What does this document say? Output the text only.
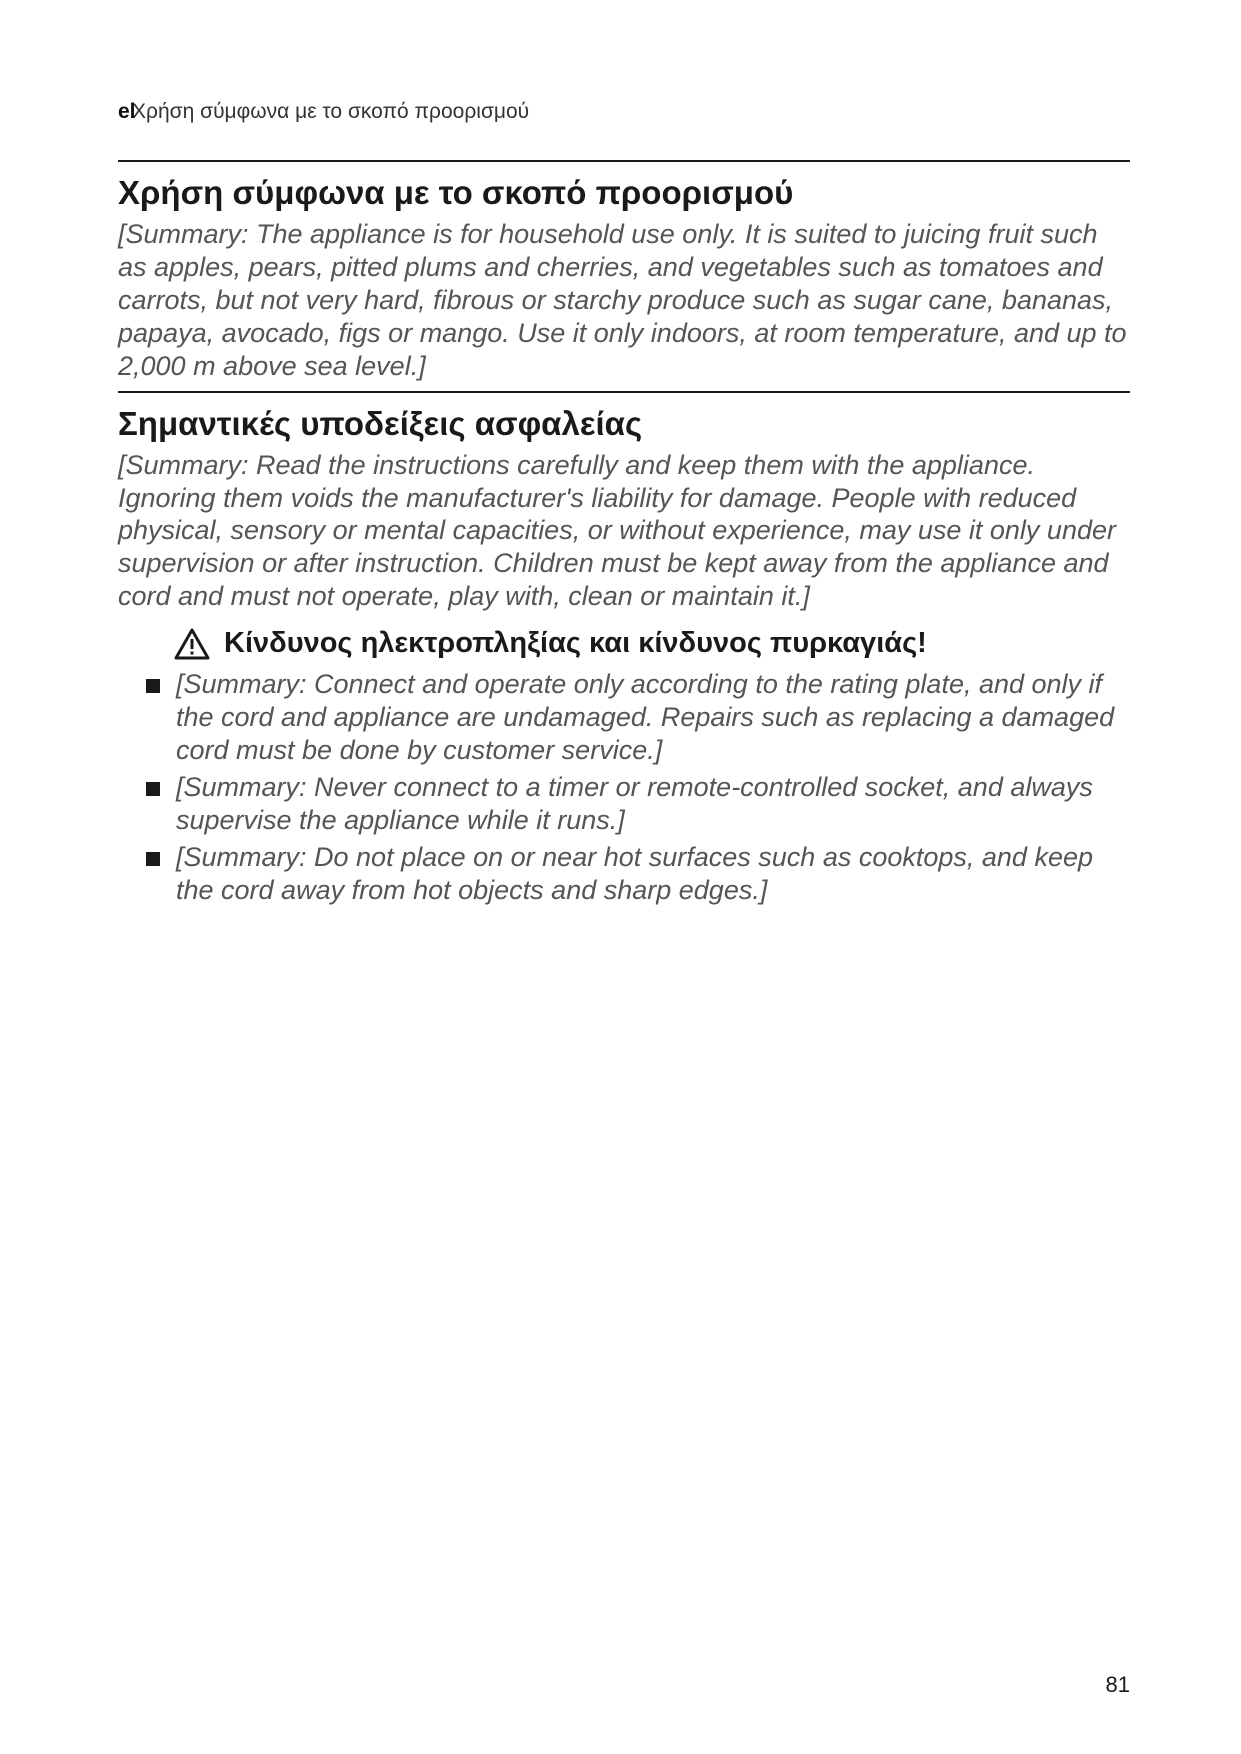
el
Χρήση σύμφωνα με το σκοπό προορισμού
Χρήση σύμφωνα με το σκοπό προορισμού

[Summary: The appliance is for household use only. It is suited to juicing fruit such as apples, pears, pitted plums and cherries, and vegetables such as tomatoes and carrots, but not very hard, fibrous or starchy produce such as sugar cane, bananas, papaya, avocado, figs or mango. Use it only indoors, at room temperature, and up to 2,000 m above sea level.]

Σημαντικές υποδείξεις ασφαλείας

[Summary: Read the instructions carefully and keep them with the appliance. Ignoring them voids the manufacturer's liability for damage. People with reduced physical, sensory or mental capacities, or without experience, may use it only under supervision or after instruction. Children must be kept away from the appliance and cord and must not operate, play with, clean or maintain it.]

Κίνδυνος ηλεκτροπληξίας και κίνδυνος πυρκαγιάς!
[Summary: Connect and operate only according to the rating plate, and only if the cord and appliance are undamaged. Repairs such as replacing a damaged cord must be done by customer service.]
[Summary: Never connect to a timer or remote-controlled socket, and always supervise the appliance while it runs.]
[Summary: Do not place on or near hot surfaces such as cooktops, and keep the cord away from hot objects and sharp edges.]
81
